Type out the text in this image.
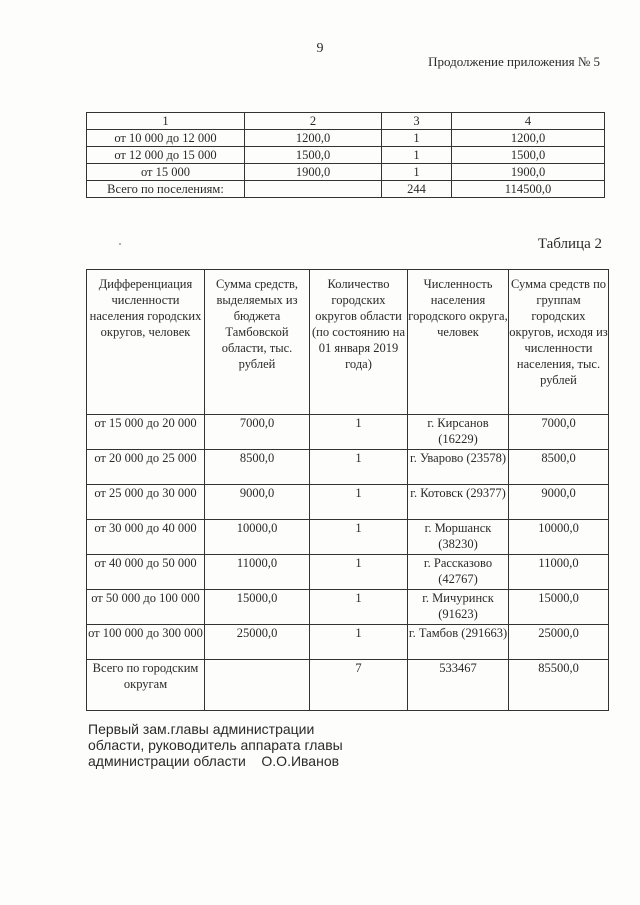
9
Продолжение приложения № 5
1	2	3	4
от 10 000 до 12 000	1200,0	1	1200,0
от 12 000 до 15 000	1500,0	1	1500,0
от 15 000	1900,0	1	1900,0
Всего по поселениям:		244	114500,0
Таблица 2
Дифференциация численности населения городских округов, человек	Сумма средств, выделяемых из бюджета Тамбовской области, тыс. рублей	Количество городских округов области (по состоянию на 01 января 2019 года)	Численность населения городского округа, человек	Сумма средств по группам городских округов, исходя из численности населения, тыс. рублей
от 15 000 до 20 000	7000,0	1	г. Кирсанов (16229)	7000,0
от 20 000 до 25 000	8500,0	1	г. Уварово (23578)	8500,0
от 25 000 до 30 000	9000,0	1	г. Котовск (29377)	9000,0
от 30 000 до 40 000	10000,0	1	г. Моршанск (38230)	10000,0
от 40 000 до 50 000	11000,0	1	г. Рассказово (42767)	11000,0
от 50 000 до 100 000	15000,0	1	г. Мичуринск (91623)	15000,0
от 100 000 до 300 000	25000,0	1	г. Тамбов (291663)	25000,0
Всего по городским округам		7	533467	85500,0
Первый зам.главы администрации
области, руководитель аппарата главы
администрации области    О.О.Иванов
